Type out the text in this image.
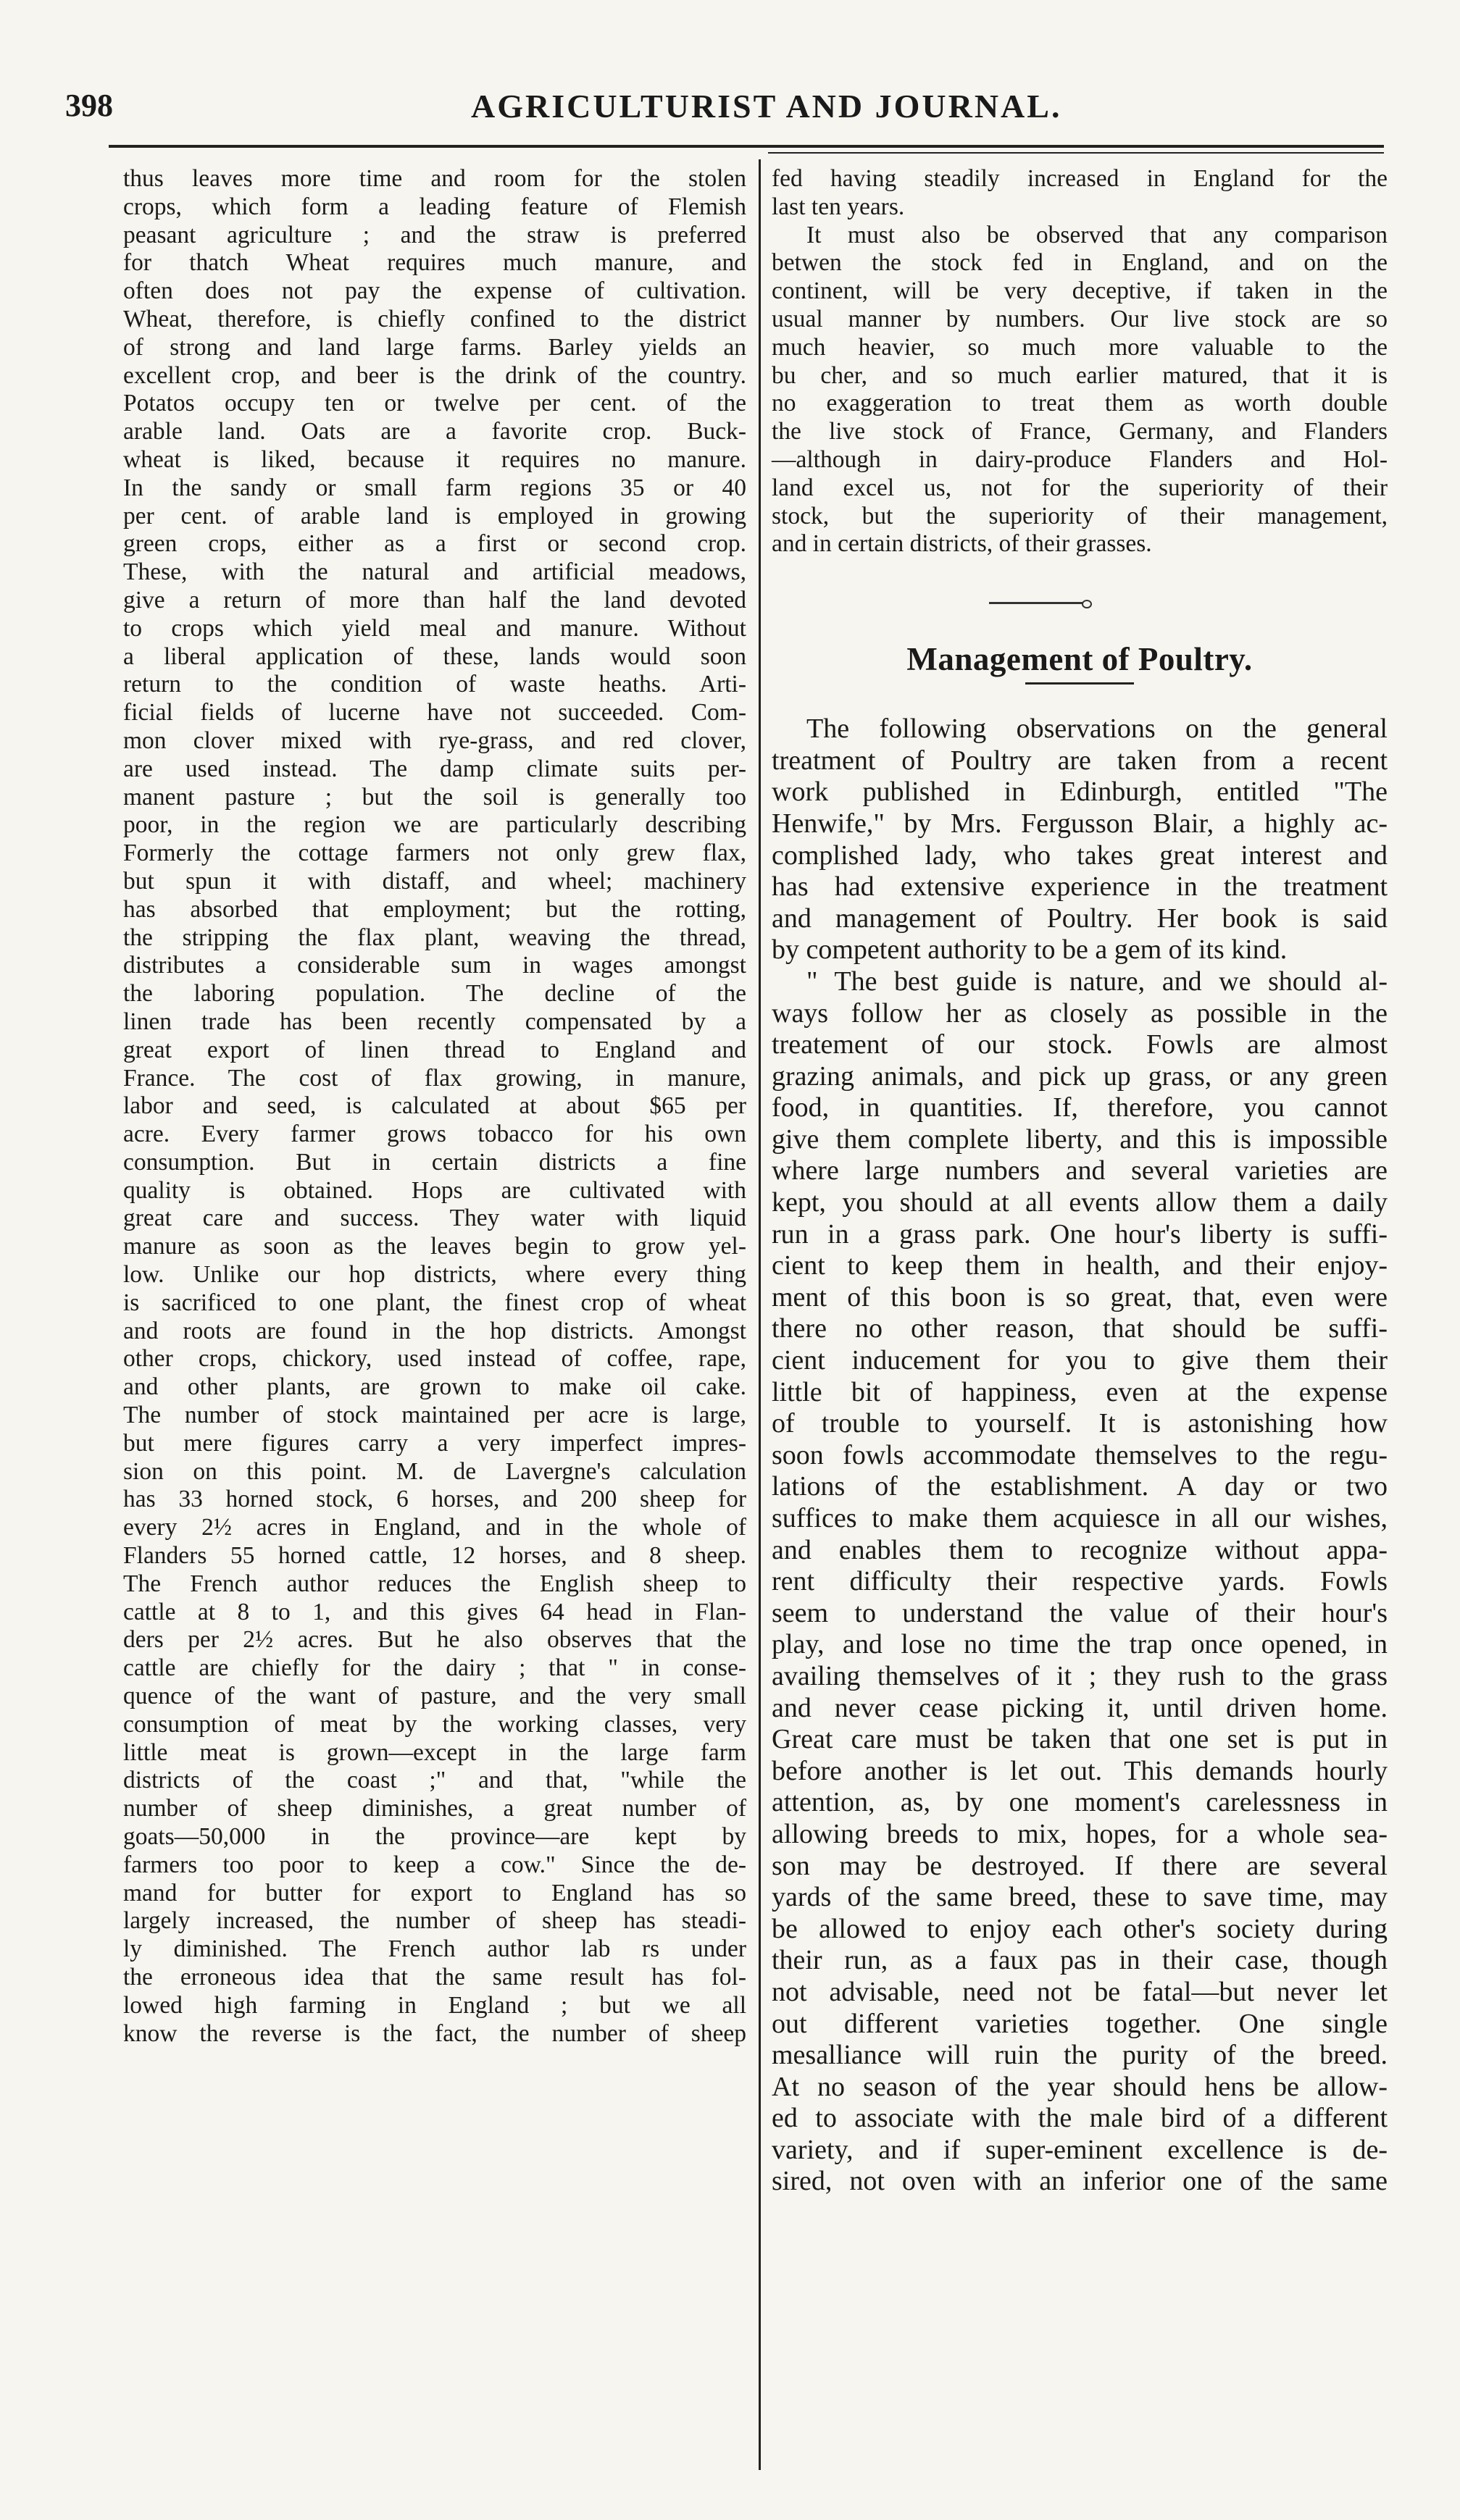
398	AGRICULTURIST AND JOURNAL.
thus leaves more time and room for the stolen
crops, which form a leading feature of Flemish
peasant agriculture ; and the straw is preferred
for thatch Wheat requires much manure, and
often does not pay the expense of cultivation.
Wheat, therefore, is chiefly confined to the district
of strong and land large farms. Barley yields an
excellent crop, and beer is the drink of the country.
Potatos occupy ten or twelve per cent. of the
arable land. Oats are a favorite crop. Buck-
wheat is liked, because it requires no manure.
In the sandy or small farm regions 35 or 40
per cent. of arable land is employed in growing
green crops, either as a first or second crop.
These, with the natural and artificial meadows,
give a return of more than half the land devoted
to crops which yield meal and manure. Without
a liberal application of these, lands would soon
return to the condition of waste heaths. Arti-
ficial fields of lucerne have not succeeded. Com-
mon clover mixed with rye-grass, and red clover,
are used instead. The damp climate suits per-
manent pasture ; but the soil is generally too
poor, in the region we are particularly describing
Formerly the cottage farmers not only grew flax,
but spun it with distaff, and wheel; machinery
has absorbed that employment; but the rotting,
the stripping the flax plant, weaving the thread,
distributes a considerable sum in wages amongst
the laboring population. The decline of the
linen trade has been recently compensated by a
great export of linen thread to England and
France. The cost of flax growing, in manure,
labor and seed, is calculated at about $65 per
acre. Every farmer grows tobacco for his own
consumption. But in certain districts a fine
quality is obtained. Hops are cultivated with
great care and success. They water with liquid
manure as soon as the leaves begin to grow yel-
low. Unlike our hop districts, where every thing
is sacrificed to one plant, the finest crop of wheat
and roots are found in the hop districts. Amongst
other crops, chickory, used instead of coffee, rape,
and other plants, are grown to make oil cake.
The number of stock maintained per acre is large,
but mere figures carry a very imperfect impres-
sion on this point. M. de Lavergne's calculation
has 33 horned stock, 6 horses, and 200 sheep for
every 2½ acres in England, and in the whole of
Flanders 55 horned cattle, 12 horses, and 8 sheep.
The French author reduces the English sheep to
cattle at 8 to 1, and this gives 64 head in Flan-
ders per 2½ acres. But he also observes that the
cattle are chiefly for the dairy ; that " in conse-
quence of the want of pasture, and the very small
consumption of meat by the working classes, very
little meat is grown—except in the large farm
districts of the coast ;" and that, "while the
number of sheep diminishes, a great number of
goats—50,000 in the province—are kept by
farmers too poor to keep a cow." Since the de-
mand for butter for export to England has so
largely increased, the number of sheep has steadi-
ly diminished. The French author lab rs under
the erroneous idea that the same result has fol-
lowed high farming in England ; but we all
know the reverse is the fact, the number of sheep
fed having steadily increased in England for the
last ten years.
It must also be observed that any comparison
betwen the stock fed in England, and on the
continent, will be very deceptive, if taken in the
usual manner by numbers. Our live stock are so
much heavier, so much more valuable to the
bu cher, and so much earlier matured, that it is
no exaggeration to treat them as worth double
the live stock of France, Germany, and Flanders
—although in dairy-produce Flanders and Hol-
land excel us, not for the superiority of their
stock, but the superiority of their management,
and in certain districts, of their grasses.
Management of Poultry.
The following observations on the general
treatment of Poultry are taken from a recent
work published in Edinburgh, entitled "The
Henwife," by Mrs. Fergusson Blair, a highly ac-
complished lady, who takes great interest and
has had extensive experience in the treatment
and management of Poultry. Her book is said
by competent authority to be a gem of its kind.
" The best guide is nature, and we should al-
ways follow her as closely as possible in the
treatement of our stock. Fowls are almost
grazing animals, and pick up grass, or any green
food, in quantities. If, therefore, you cannot
give them complete liberty, and this is impossible
where large numbers and several varieties are
kept, you should at all events allow them a daily
run in a grass park. One hour's liberty is suffi-
cient to keep them in health, and their enjoy-
ment of this boon is so great, that, even were
there no other reason, that should be suffi-
cient inducement for you to give them their
little bit of happiness, even at the expense
of trouble to yourself. It is astonishing how
soon fowls accommodate themselves to the regu-
lations of the establishment. A day or two
suffices to make them acquiesce in all our wishes,
and enables them to recognize without appa-
rent difficulty their respective yards. Fowls
seem to understand the value of their hour's
play, and lose no time the trap once opened, in
availing themselves of it ; they rush to the grass
and never cease picking it, until driven home.
Great care must be taken that one set is put in
before another is let out. This demands hourly
attention, as, by one moment's carelessness in
allowing breeds to mix, hopes, for a whole sea-
son may be destroyed. If there are several
yards of the same breed, these to save time, may
be allowed to enjoy each other's society during
their run, as a faux pas in their case, though
not advisable, need not be fatal—but never let
out different varieties together. One single
mesalliance will ruin the purity of the breed.
At no season of the year should hens be allow-
ed to associate with the male bird of a different
variety, and if super-eminent excellence is de-
sired, not oven with an inferior one of the same
